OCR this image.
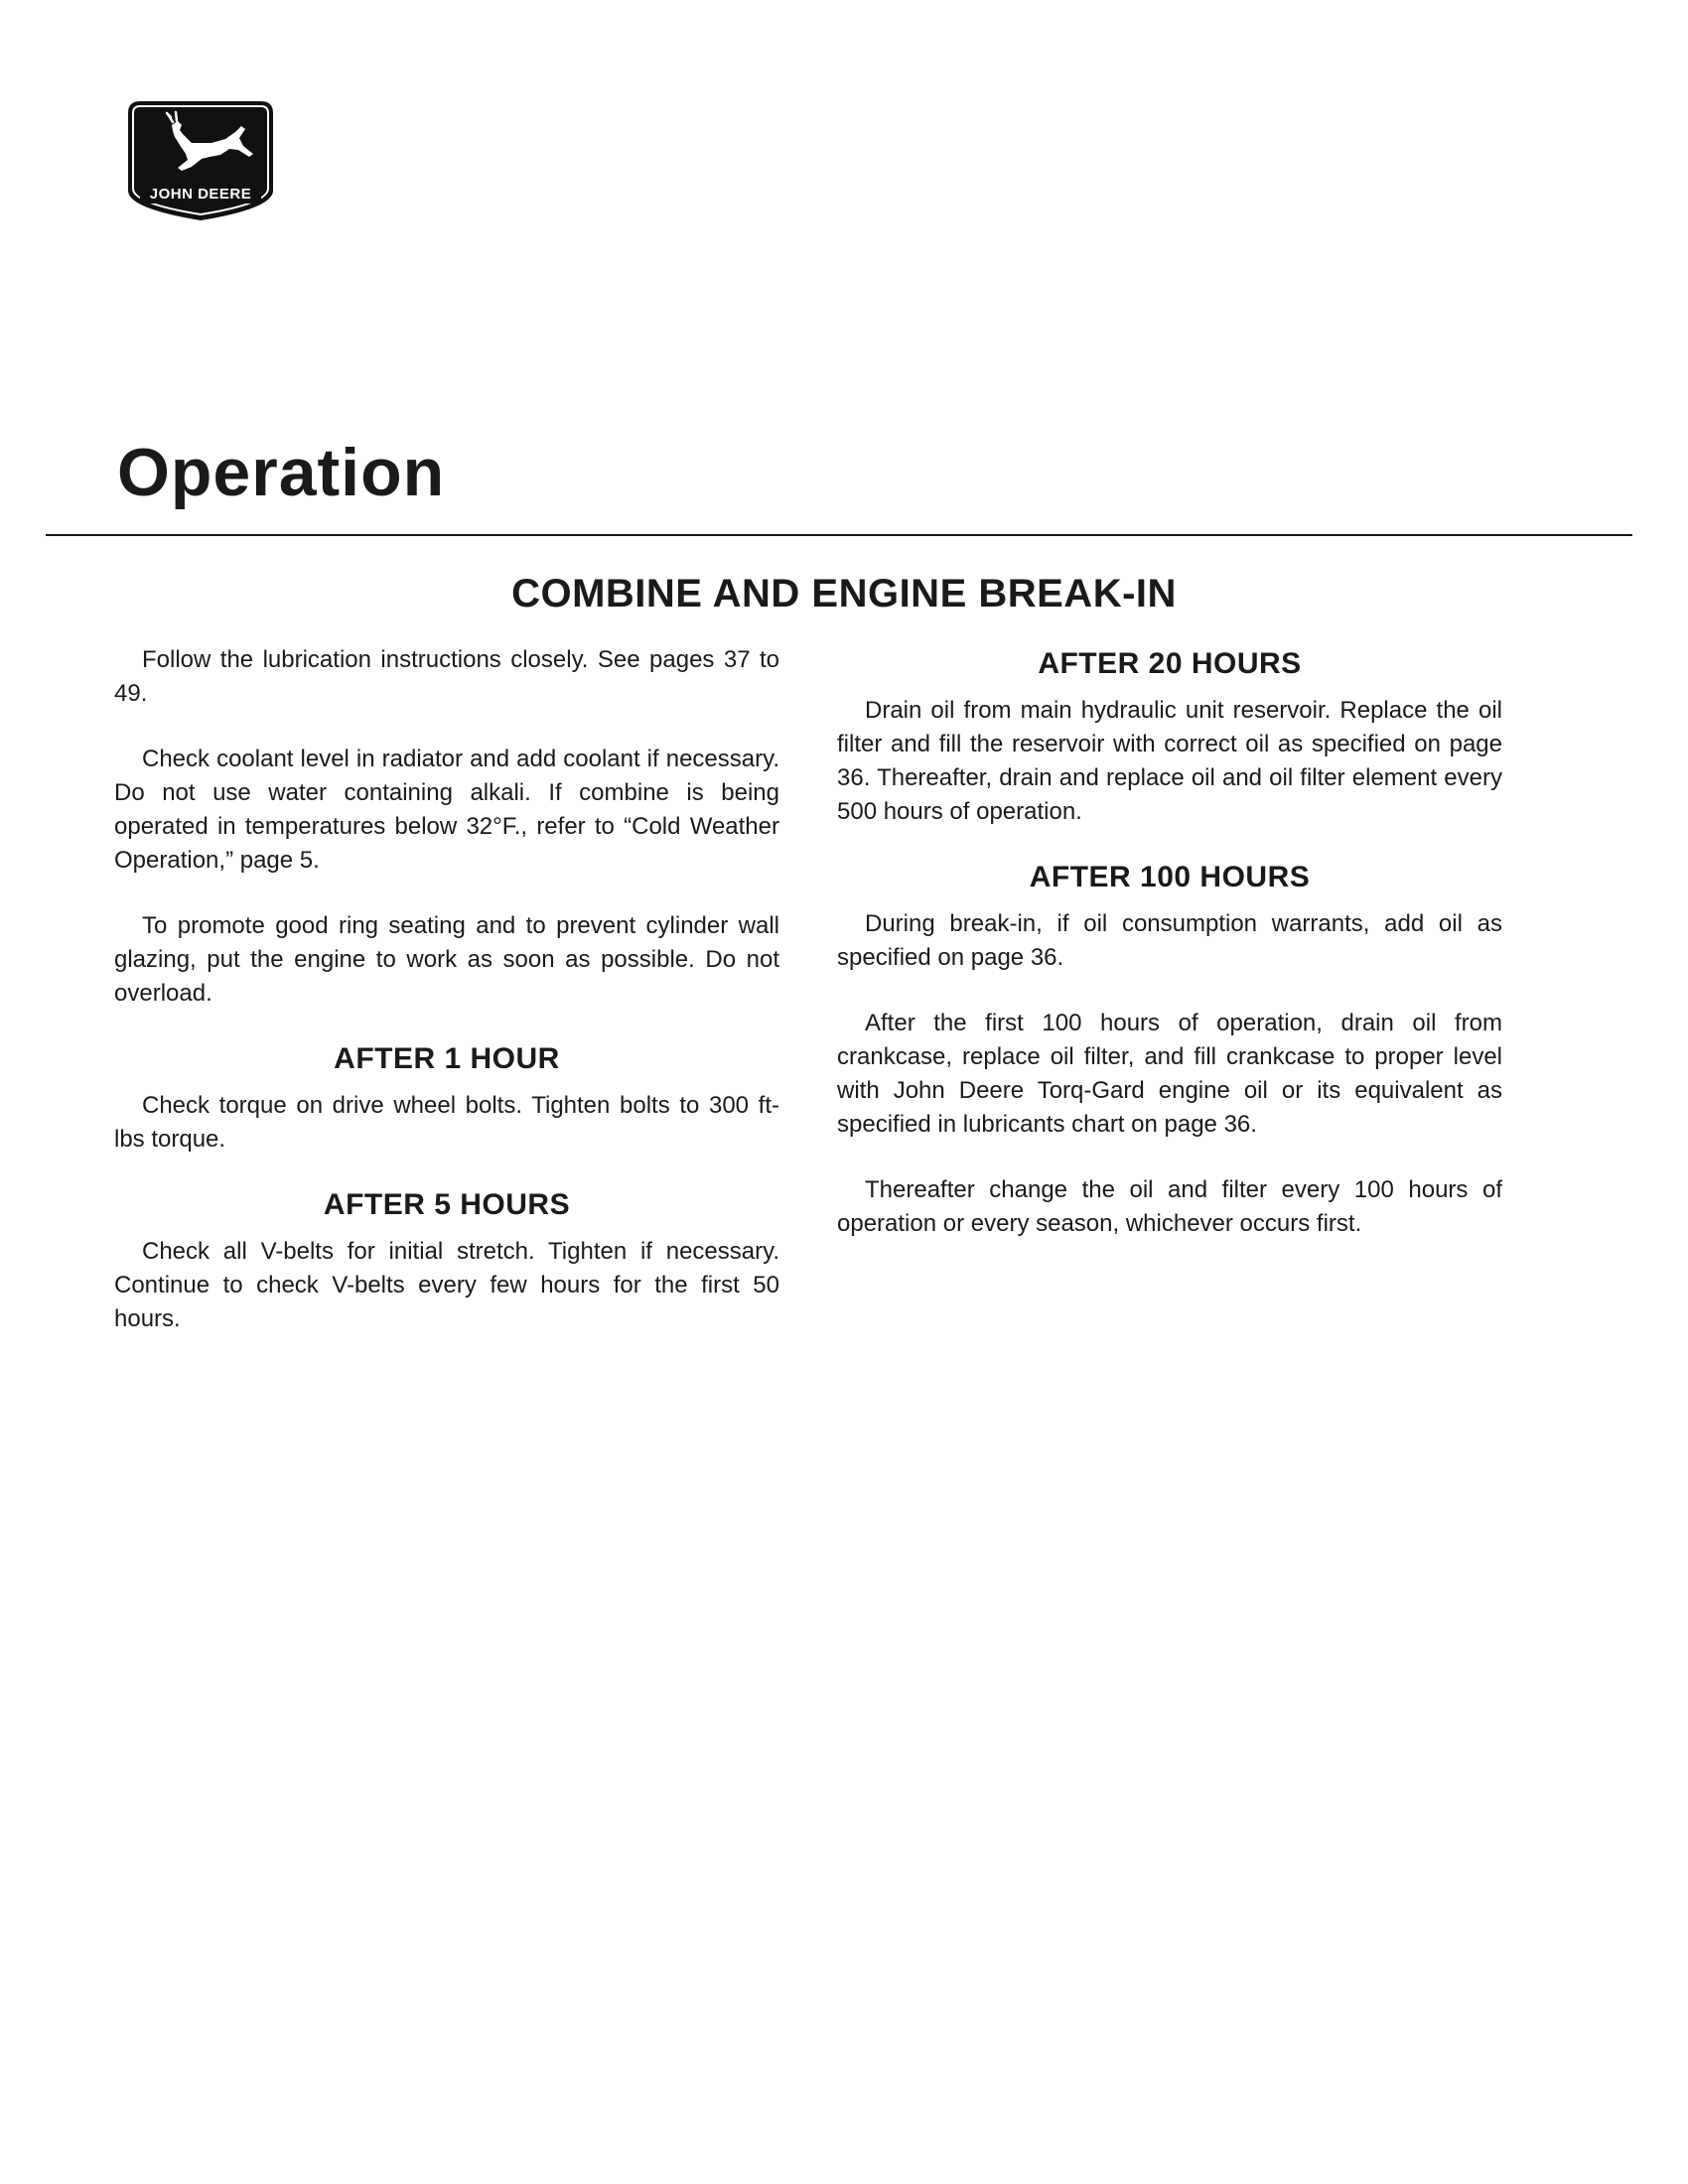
JOHN DEERE
Operation
COMBINE AND ENGINE BREAK-IN

Follow the lubrication instructions closely. See pages 37 to 49.

Check coolant level in radiator and add coolant if necessary. Do not use water containing alkali. If combine is being operated in temperatures below 32°F., refer to “Cold Weather Operation,” page 5.

To promote good ring seating and to prevent cylinder wall glazing, put the engine to work as soon as possible. Do not overload.

AFTER 1 HOUR

Check torque on drive wheel bolts. Tighten bolts to 300 ft-lbs torque.

AFTER 5 HOURS

Check all V-belts for initial stretch. Tighten if necessary. Continue to check V-belts every few hours for the first 50 hours.

AFTER 20 HOURS

Drain oil from main hydraulic unit reservoir. Replace the oil filter and fill the reservoir with correct oil as specified on page 36. Thereafter, drain and replace oil and oil filter element every 500 hours of operation.

AFTER 100 HOURS

During break-in, if oil consumption warrants, add oil as specified on page 36.

After the first 100 hours of operation, drain oil from crankcase, replace oil filter, and fill crankcase to proper level with John Deere Torq-Gard engine oil or its equivalent as specified in lubricants chart on page 36.

Thereafter change the oil and filter every 100 hours of operation or every season, whichever occurs first.
